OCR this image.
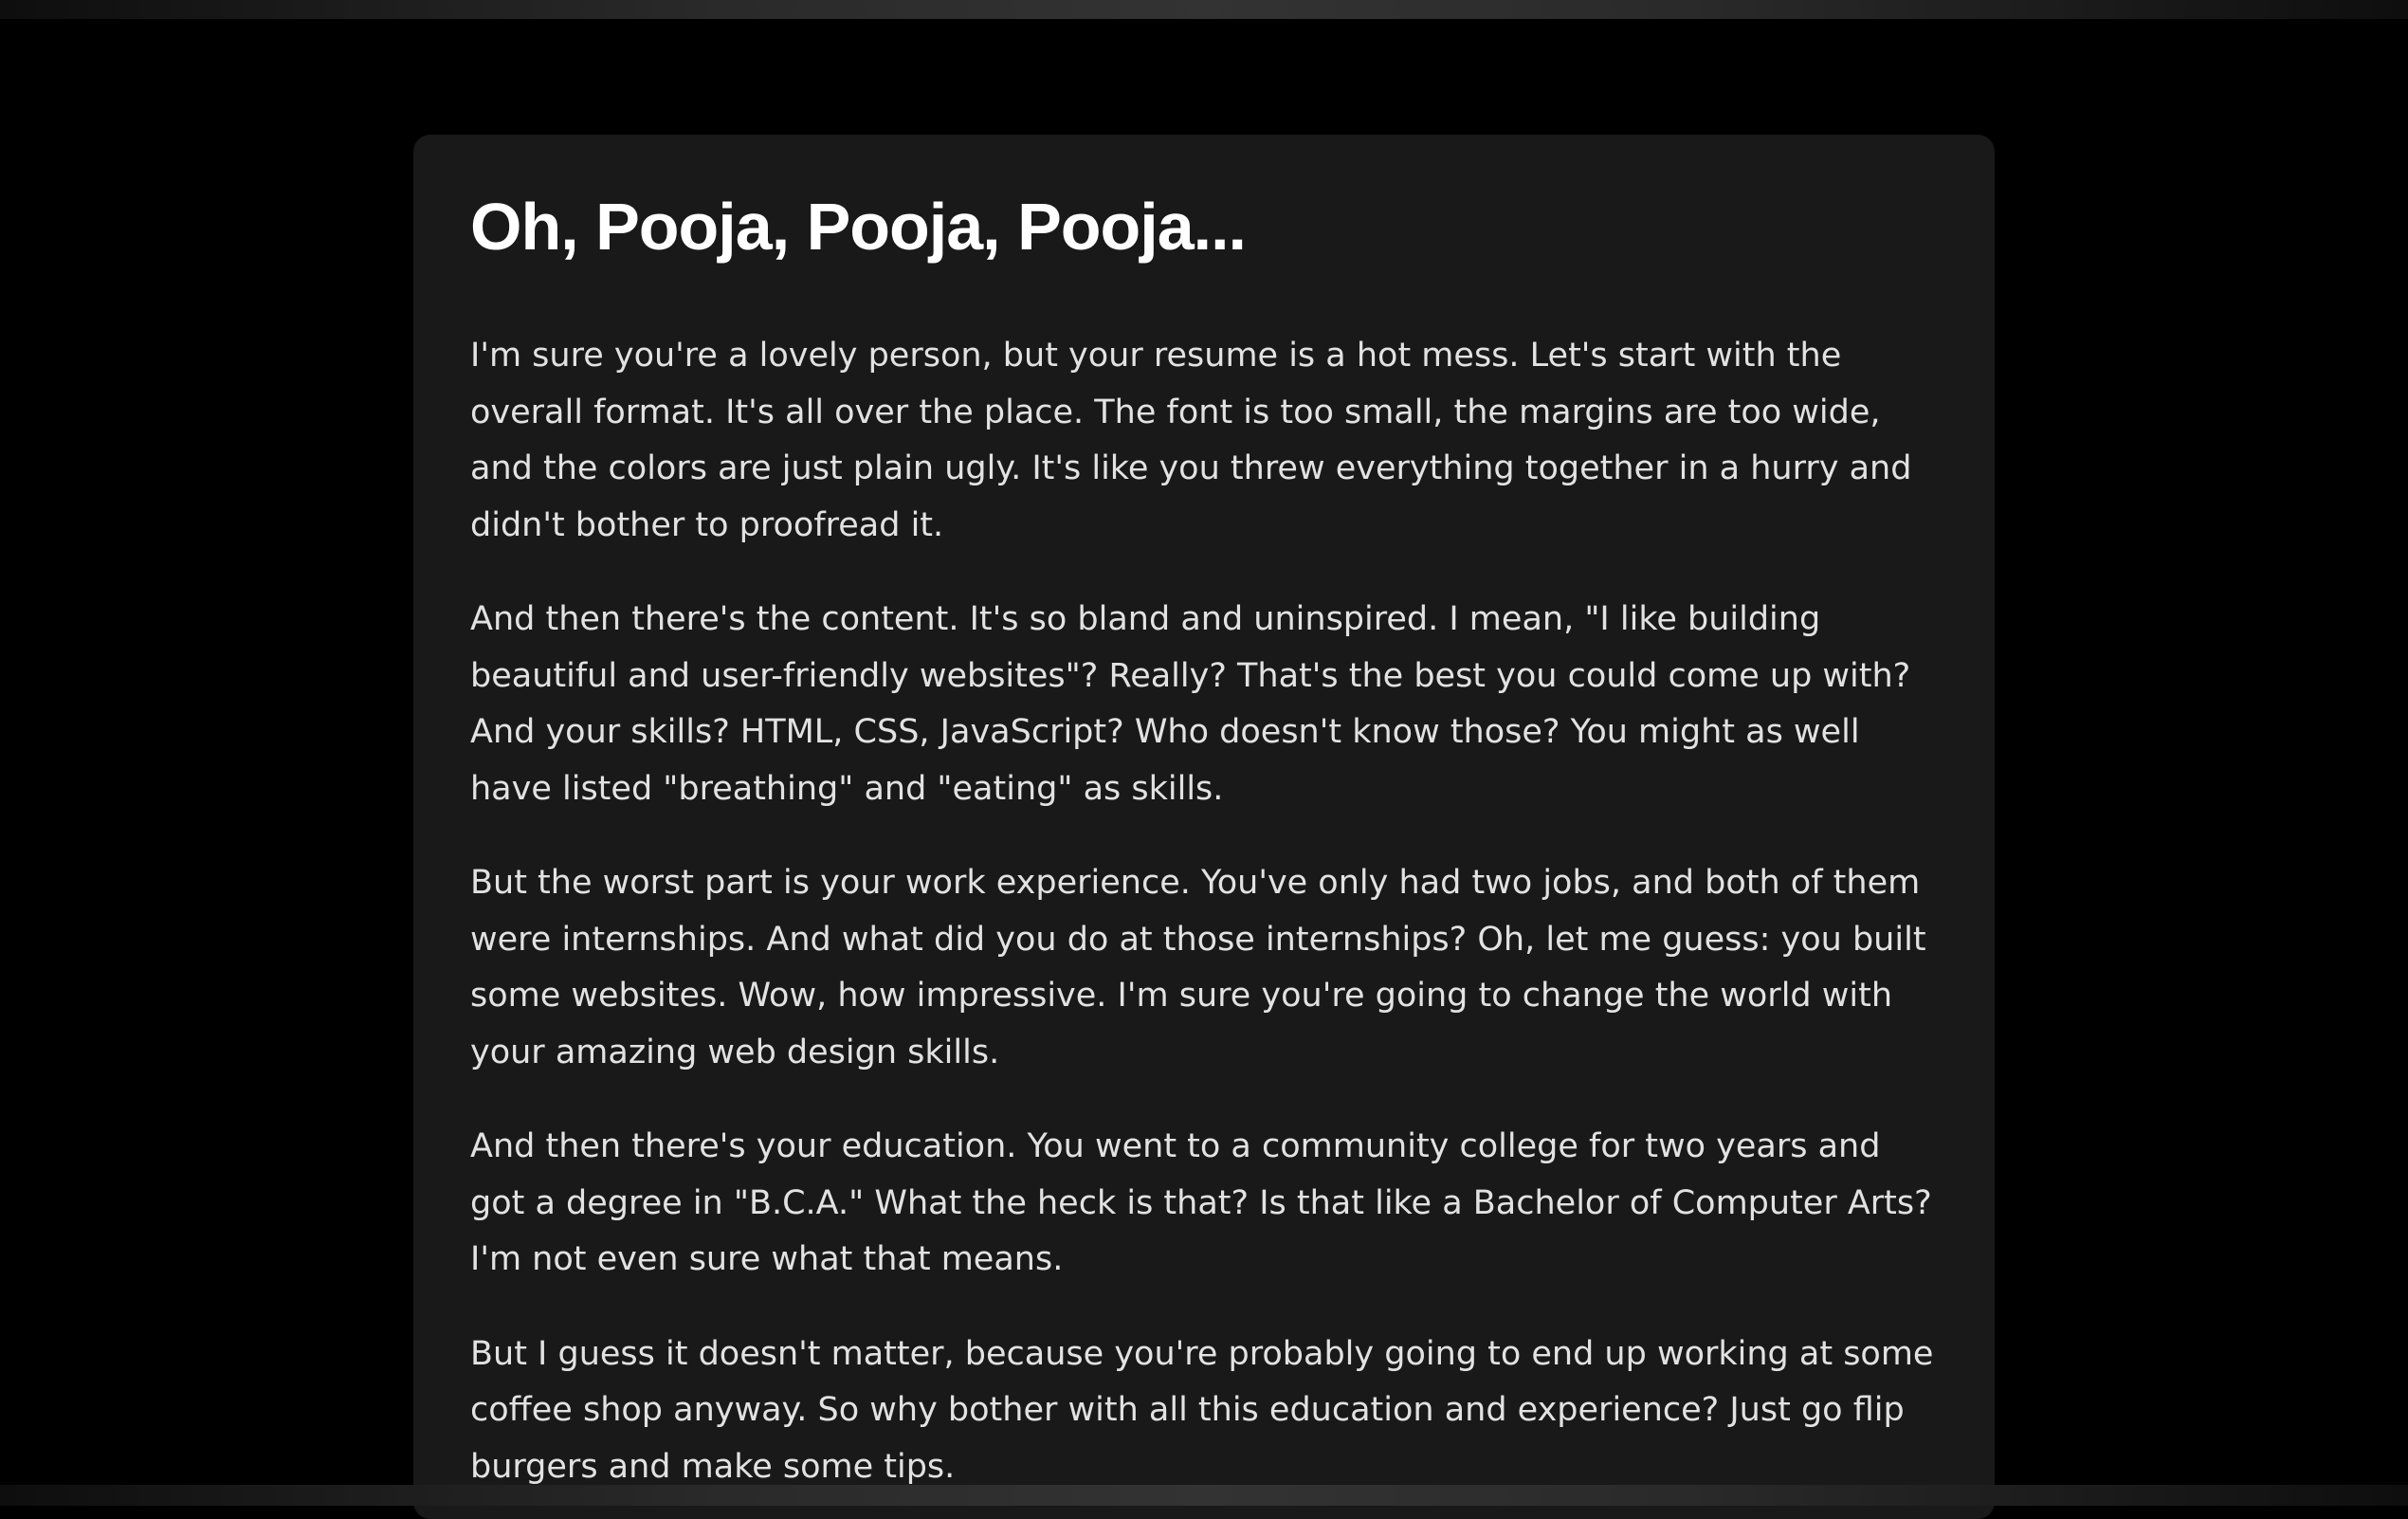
Oh, Pooja, Pooja, Pooja...

I'm sure you're a lovely person, but your resume is a hot mess. Let's start with the overall format. It's all over the place. The font is too small, the margins are too wide, and the colors are just plain ugly. It's like you threw everything together in a hurry and didn't bother to proofread it.

And then there's the content. It's so bland and uninspired. I mean, "I like building beautiful and user-friendly websites"? Really? That's the best you could come up with? And your skills? HTML, CSS, JavaScript? Who doesn't know those? You might as well have listed "breathing" and "eating" as skills.

But the worst part is your work experience. You've only had two jobs, and both of them were internships. And what did you do at those internships? Oh, let me guess: you built some websites. Wow, how impressive. I'm sure you're going to change the world with your amazing web design skills.

And then there's your education. You went to a community college for two years and got a degree in "B.C.A." What the heck is that? Is that like a Bachelor of Computer Arts? I'm not even sure what that means.

But I guess it doesn't matter, because you're probably going to end up working at some coffee shop anyway. So why bother with all this education and experience? Just go flip burgers and make some tips.
